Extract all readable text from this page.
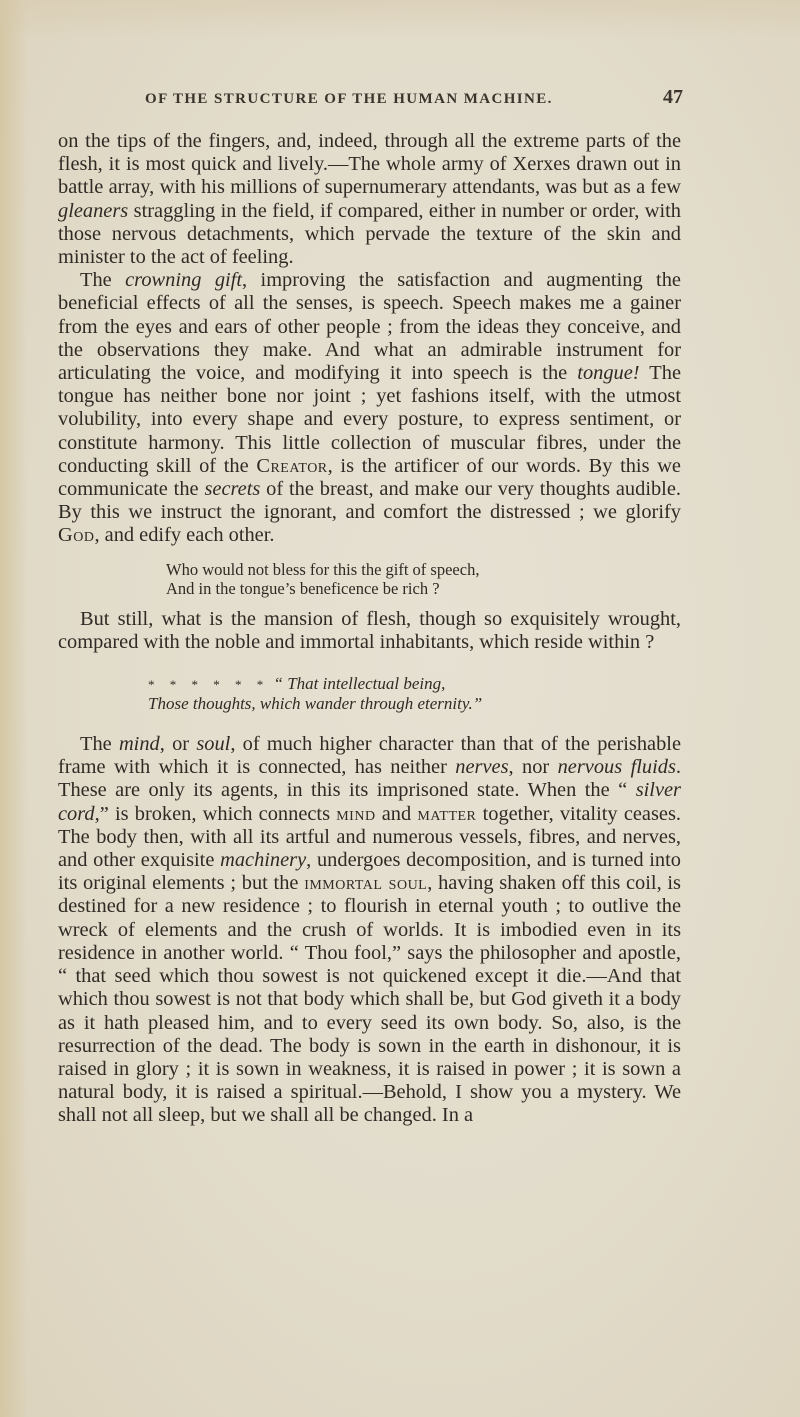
OF THE STRUCTURE OF THE HUMAN MACHINE.	47

on the tips of the fingers, and, indeed, through all the extreme parts of the flesh, it is most quick and lively.—The whole army of Xerxes drawn out in battle array, with his millions of supernumerary attendants, was but as a few gleaners straggling in the field, if compared, either in number or order, with those nervous detachments, which pervade the texture of the skin and minister to the act of feeling.

The crowning gift, improving the satisfaction and augmenting the beneficial effects of all the senses, is speech. Speech makes me a gainer from the eyes and ears of other people ; from the ideas they conceive, and the observations they make. And what an admirable instrument for articulating the voice, and modifying it into speech is the tongue! The tongue has neither bone nor joint ; yet fashions itself, with the utmost volubility, into every shape and every posture, to express sentiment, or constitute harmony. This little collection of muscular fibres, under the conducting skill of the Creator, is the artificer of our words. By this we communicate the secrets of the breast, and make our very thoughts audible. By this we instruct the ignorant, and comfort the distressed ; we glorify God, and edify each other.

Who would not bless for this the gift of speech,
And in the tongue’s beneficence be rich ?

But still, what is the mansion of flesh, though so exquisitely wrought, compared with the noble and immortal inhabitants, which reside within ?

* * * * * * “ That intellectual being,
Those thoughts, which wander through eternity.”

The mind, or soul, of much higher character than that of the perishable frame with which it is connected, has neither nerves, nor nervous fluids. These are only its agents, in this its imprisoned state. When the “ silver cord,” is broken, which connects mind and matter together, vitality ceases. The body then, with all its artful and numerous vessels, fibres, and nerves, and other exquisite machinery, undergoes decomposition, and is turned into its original elements ; but the immortal soul, having shaken off this coil, is destined for a new residence ; to flourish in eternal youth ; to outlive the wreck of elements and the crush of worlds. It is imbodied even in its residence in another world. “ Thou fool,” says the philosopher and apostle, “ that seed which thou sowest is not quickened except it die.—And that which thou sowest is not that body which shall be, but God giveth it a body as it hath pleased him, and to every seed its own body. So, also, is the resurrection of the dead. The body is sown in the earth in dishonour, it is raised in glory ; it is sown in weakness, it is raised in power ; it is sown a natural body, it is raised a spiritual.—Behold, I show you a mystery. We shall not all sleep, but we shall all be changed. In a
